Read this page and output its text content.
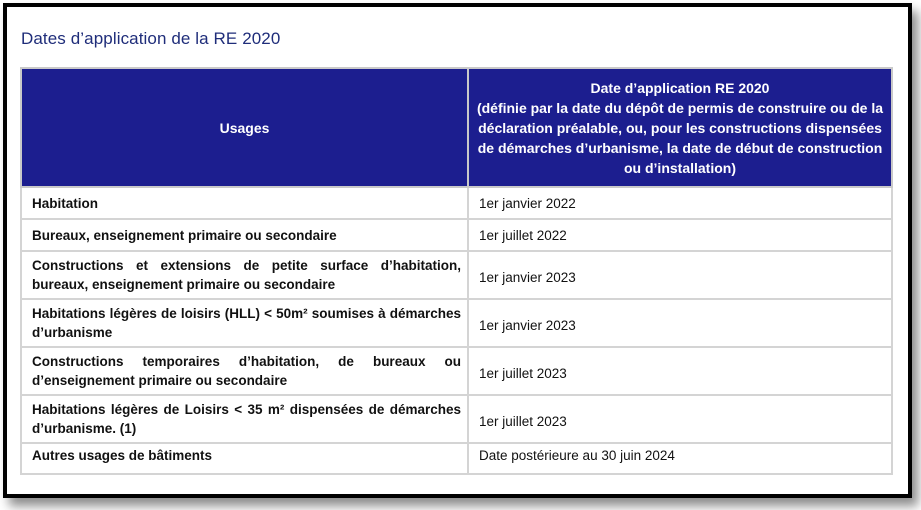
Dates d’application de la RE 2020
Usages	Date d’application RE 2020
(définie par la date du dépôt de permis de construire ou de la déclaration préalable, ou, pour les constructions dispensées de démarches d’urbanisme, la date de début de construction ou d’installation)

Habitation	1er janvier 2022

Bureaux, enseignement primaire ou secondaire	1er juillet 2022

Constructions et extensions de petite surface d’habitation, bureaux, enseignement primaire ou secondaire	1er janvier 2023

Habitations légères de loisirs (HLL) < 50m² soumises à démarches d’urbanisme	1er janvier 2023

Constructions temporaires d’habitation, de bureaux ou d’enseignement primaire ou secondaire	1er juillet 2023

Habitations légères de Loisirs < 35 m² dispensées de démarches d’urbanisme. (1)	1er juillet 2023

Autres usages de bâtiments	Date postérieure au 30 juin 2024
